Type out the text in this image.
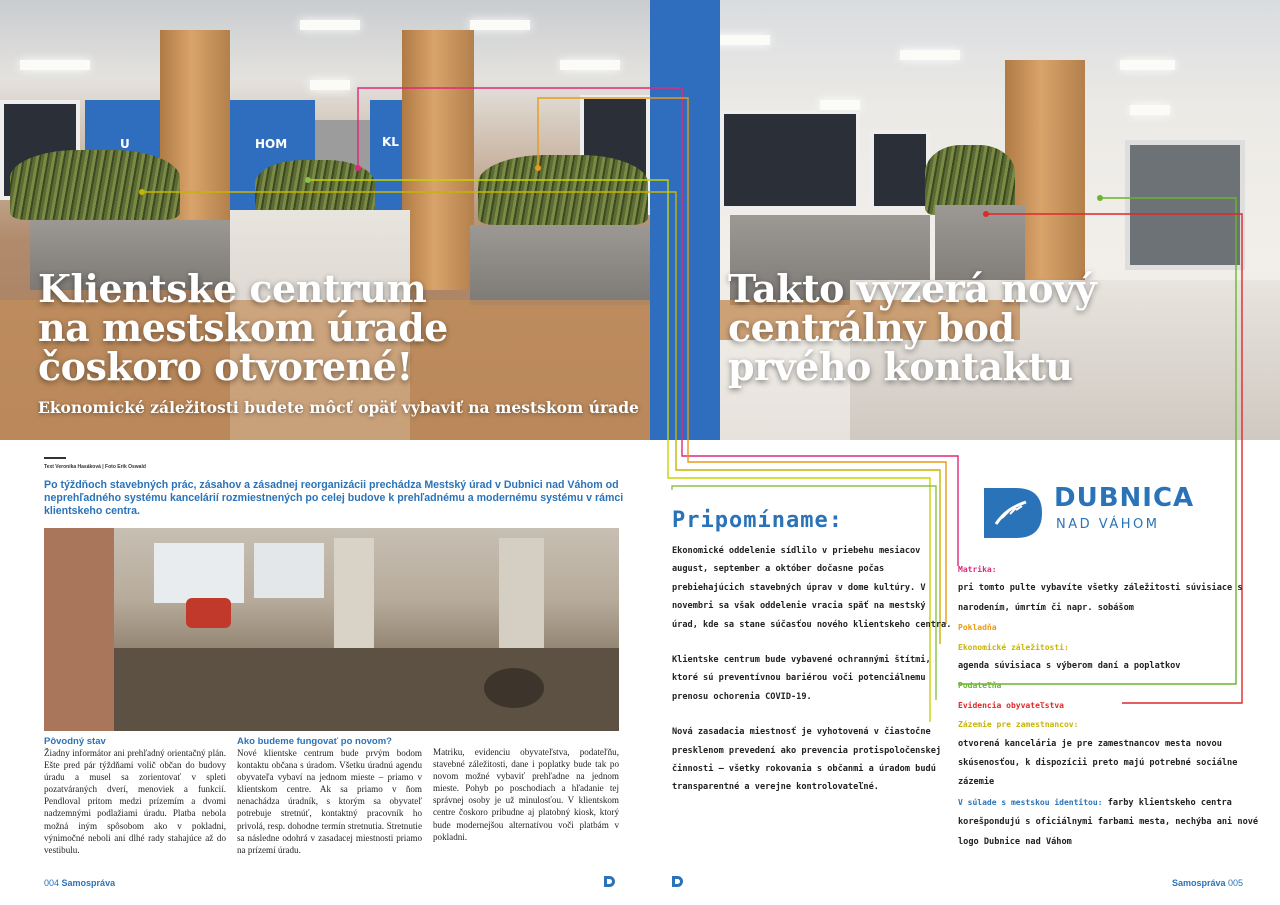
U	HOM	KL
Klientske centrum na mestskom úrade čoskoro otvorené!
Ekonomické záležitosti budete môcť opäť vybaviť na mestskom úrade
Takto vyzerá nový centrálny bod prvého kontaktu
Text Veronika Hasáková | Foto Erik Oswald
Po týždňoch stavebných prác, zásahov a zásadnej reorganizácii prechádza Mestský úrad v Dubnici nad Váhom od neprehľadného systému kancelárií rozmiestnených po celej budove k prehľadnému a modernému systému v rámci klientskeho centra.
Pôvodný stav
Žiadny informátor ani prehľadný orientačný plán. Ešte pred pár týždňami volič občan do budovy úradu a musel sa zorientovať v spleti pozatváraných dverí, menoviek a funkcií. Pendloval pritom medzi prízemím a dvomi nadzemnými podlažiami úradu. Platba nebola možná iným spôsobom ako v pokladni, výnimočné neboli ani dlhé rady stahajúce až do vestibulu.
Ako budeme fungovať po novom?
Nové klientske centrum bude prvým bodom kontaktu občana s úradom. Všetku úradnú agendu obyvateľa vybaví na jednom mieste – priamo v klientskom centre. Ak sa priamo v ňom nenachádza úradník, s ktorým sa obyvateľ potrebuje stretnúť, kontaktný pracovník ho privolá, resp. dohodne termín stretnutia. Stretnutie sa následne odohrá v zasadacej miestnosti priamo na prízemí úradu.
Matriku, evidenciu obyvateľstva, podateľňu, stavebné záležitosti, dane i poplatky bude tak po novom možné vybaviť prehľadne na jednom mieste. Pohyb po poschodiach a hľadanie tej správnej osoby je už minulosťou. V klientskom centre čoskoro pribudne aj platobný kiosk, ktorý bude modernejšou alternatívou voči platbám v pokladni.
004 Samospráva
Pripomíname:

Ekonomické oddelenie sídlilo v priebehu mesiacov august, september a október dočasne počas prebiehajúcich stavebných úprav v dome kultúry. V novembri sa však oddelenie vracia späť na mestský úrad, kde sa stane súčasťou nového klientskeho centra.

Klientske centrum bude vybavené ochrannými štítmi, ktoré sú preventívnou bariérou voči potenciálnemu prenosu ochorenia COVID-19.

Nová zasadacia miestnosť je vyhotovená v čiastočne presklenom prevedení ako prevencia protispoločenskej činnosti – všetky rokovania s občanmi a úradom budú transparentné a verejne kontrolovateľné.

DUBNICA
NAD VÁHOM
Matrika:
pri tomto pulte vybavíte všetky záležitosti súvisiace s narodením, úmrtím či napr. sobášom
Pokladňa
Ekonomické záležitosti:
agenda súvisiaca s výberom daní a poplatkov
Podateľňa
Evidencia obyvateľstva
Zázemie pre zamestnancov:
otvorená kancelária je pre zamestnancov mesta novou skúsenosťou, k dispozícii preto majú potrebné sociálne zázemie
V súlade s mestskou identitou: farby klientskeho centra korešpondujú s oficiálnymi farbami mesta, nechýba ani nové logo Dubnice nad Váhom
Samospráva 005
